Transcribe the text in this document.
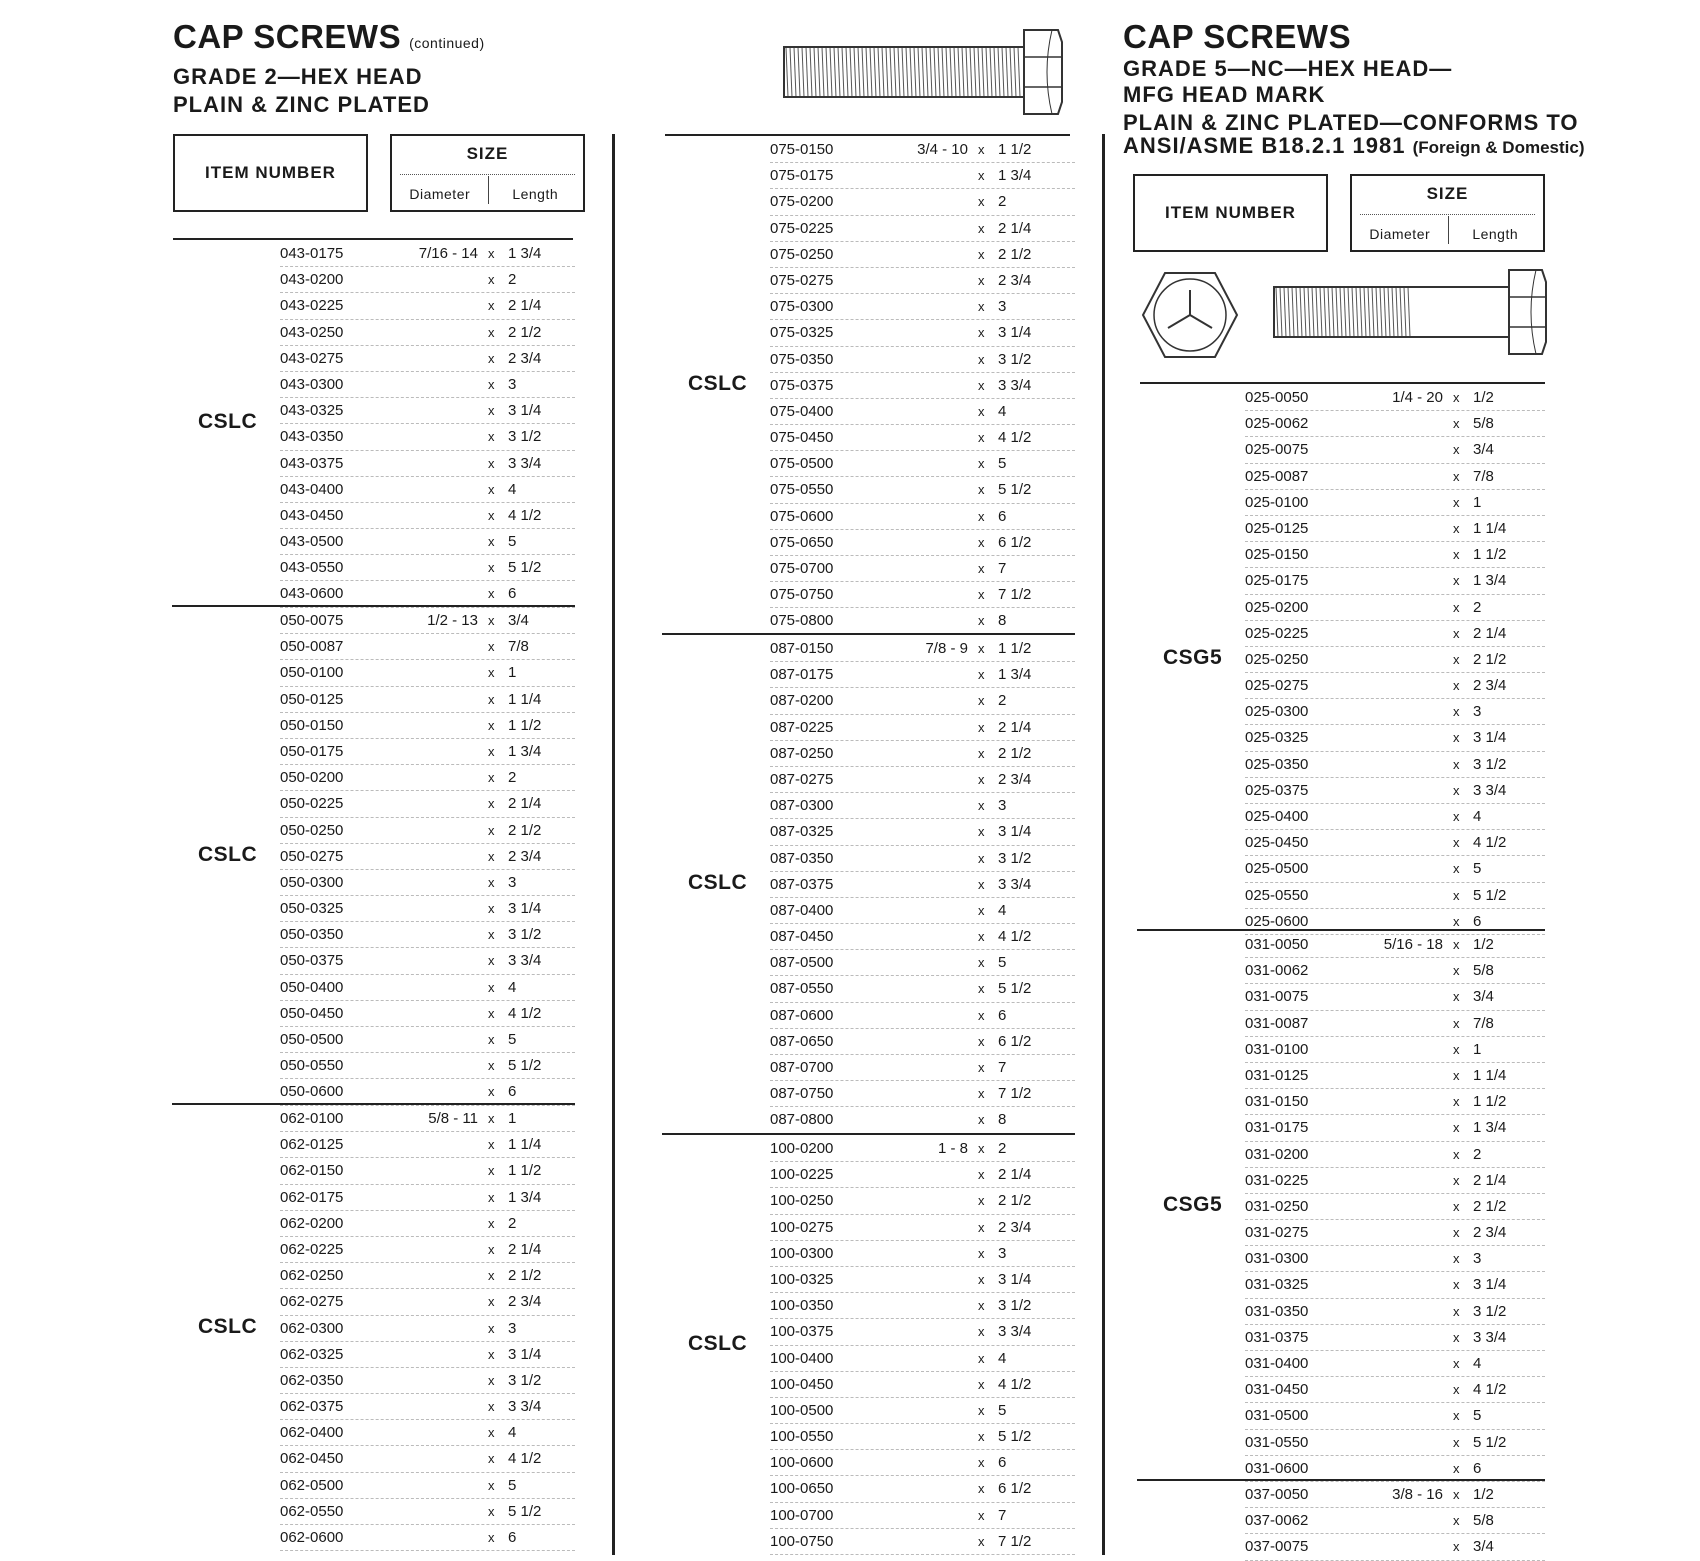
CAP SCREWS (continued)
GRADE 2—HEX HEAD
PLAIN & ZINC PLATED
CAP SCREWS
GRADE 5—NC—HEX HEAD—
MFG HEAD MARK
PLAIN & ZINC PLATED—CONFORMS TO
ANSI/ASME B18.2.1 1981 (Foreign & Domestic)
ITEM NUMBER
SIZE
Diameter	Length
ITEM NUMBER
SIZE
Diameter	Length
CSLC
043-0175	7/16 - 14 x 1 3/4
043-0200	x 2
043-0225	x 2 1/4
043-0250	x 2 1/2
043-0275	x 2 3/4
043-0300	x 3
043-0325	x 3 1/4
043-0350	x 3 1/2
043-0375	x 3 3/4
043-0400	x 4
043-0450	x 4 1/2
043-0500	x 5
043-0550	x 5 1/2
043-0600	x 6
CSLC
050-0075	1/2 - 13 x 3/4
050-0087	x 7/8
050-0100	x 1
050-0125	x 1 1/4
050-0150	x 1 1/2
050-0175	x 1 3/4
050-0200	x 2
050-0225	x 2 1/4
050-0250	x 2 1/2
050-0275	x 2 3/4
050-0300	x 3
050-0325	x 3 1/4
050-0350	x 3 1/2
050-0375	x 3 3/4
050-0400	x 4
050-0450	x 4 1/2
050-0500	x 5
050-0550	x 5 1/2
050-0600	x 6
CSLC
062-0100	5/8 - 11 x 1
062-0125	x 1 1/4
062-0150	x 1 1/2
062-0175	x 1 3/4
062-0200	x 2
062-0225	x 2 1/4
062-0250	x 2 1/2
062-0275	x 2 3/4
062-0300	x 3
062-0325	x 3 1/4
062-0350	x 3 1/2
062-0375	x 3 3/4
062-0400	x 4
062-0450	x 4 1/2
062-0500	x 5
062-0550	x 5 1/2
062-0600	x 6
CSLC
075-0150	3/4 - 10 x 1 1/2
075-0175	x 1 3/4
075-0200	x 2
075-0225	x 2 1/4
075-0250	x 2 1/2
075-0275	x 2 3/4
075-0300	x 3
075-0325	x 3 1/4
075-0350	x 3 1/2
075-0375	x 3 3/4
075-0400	x 4
075-0450	x 4 1/2
075-0500	x 5
075-0550	x 5 1/2
075-0600	x 6
075-0650	x 6 1/2
075-0700	x 7
075-0750	x 7 1/2
075-0800	x 8
CSLC
087-0150	7/8 - 9 x 1 1/2
087-0175	x 1 3/4
087-0200	x 2
087-0225	x 2 1/4
087-0250	x 2 1/2
087-0275	x 2 3/4
087-0300	x 3
087-0325	x 3 1/4
087-0350	x 3 1/2
087-0375	x 3 3/4
087-0400	x 4
087-0450	x 4 1/2
087-0500	x 5
087-0550	x 5 1/2
087-0600	x 6
087-0650	x 6 1/2
087-0700	x 7
087-0750	x 7 1/2
087-0800	x 8
CSLC
100-0200	1 - 8 x 2
100-0225	x 2 1/4
100-0250	x 2 1/2
100-0275	x 2 3/4
100-0300	x 3
100-0325	x 3 1/4
100-0350	x 3 1/2
100-0375	x 3 3/4
100-0400	x 4
100-0450	x 4 1/2
100-0500	x 5
100-0550	x 5 1/2
100-0600	x 6
100-0650	x 6 1/2
100-0700	x 7
100-0750	x 7 1/2
CSG5
025-0050	1/4 - 20 x 1/2
025-0062	x 5/8
025-0075	x 3/4
025-0087	x 7/8
025-0100	x 1
025-0125	x 1 1/4
025-0150	x 1 1/2
025-0175	x 1 3/4
025-0200	x 2
025-0225	x 2 1/4
025-0250	x 2 1/2
025-0275	x 2 3/4
025-0300	x 3
025-0325	x 3 1/4
025-0350	x 3 1/2
025-0375	x 3 3/4
025-0400	x 4
025-0450	x 4 1/2
025-0500	x 5
025-0550	x 5 1/2
025-0600	x 6
CSG5
031-0050	5/16 - 18 x 1/2
031-0062	x 5/8
031-0075	x 3/4
031-0087	x 7/8
031-0100	x 1
031-0125	x 1 1/4
031-0150	x 1 1/2
031-0175	x 1 3/4
031-0200	x 2
031-0225	x 2 1/4
031-0250	x 2 1/2
031-0275	x 2 3/4
031-0300	x 3
031-0325	x 3 1/4
031-0350	x 3 1/2
031-0375	x 3 3/4
031-0400	x 4
031-0450	x 4 1/2
031-0500	x 5
031-0550	x 5 1/2
031-0600	x 6
037-0050	3/8 - 16 x 1/2
037-0062	x 5/8
037-0075	x 3/4
